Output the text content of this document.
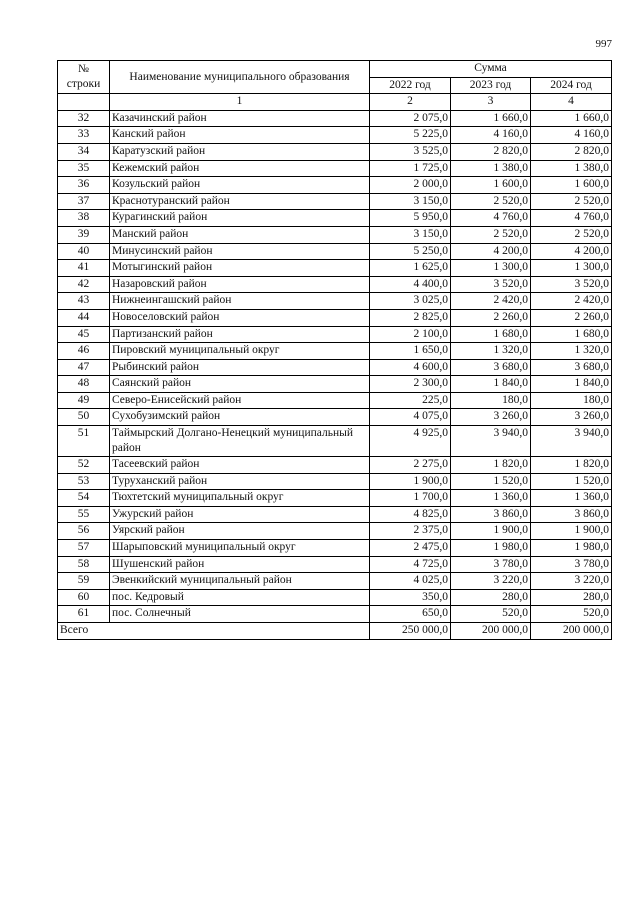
997
№ строки	Наименование муниципального образования	Сумма		
		2022 год	2023 год	2024 год
	1	2	3	4
32	Казачинский район	2 075,0	1 660,0	1 660,0
33	Канский район	5 225,0	4 160,0	4 160,0
34	Каратузский район	3 525,0	2 820,0	2 820,0
35	Кежемский район	1 725,0	1 380,0	1 380,0
36	Козульский район	2 000,0	1 600,0	1 600,0
37	Краснотуранский район	3 150,0	2 520,0	2 520,0
38	Курагинский район	5 950,0	4 760,0	4 760,0
39	Манский район	3 150,0	2 520,0	2 520,0
40	Минусинский район	5 250,0	4 200,0	4 200,0
41	Мотыгинский район	1 625,0	1 300,0	1 300,0
42	Назаровский район	4 400,0	3 520,0	3 520,0
43	Нижнеингашский район	3 025,0	2 420,0	2 420,0
44	Новоселовский район	2 825,0	2 260,0	2 260,0
45	Партизанский район	2 100,0	1 680,0	1 680,0
46	Пировский муниципальный округ	1 650,0	1 320,0	1 320,0
47	Рыбинский район	4 600,0	3 680,0	3 680,0
48	Саянский район	2 300,0	1 840,0	1 840,0
49	Северо-Енисейский район	225,0	180,0	180,0
50	Сухобузимский район	4 075,0	3 260,0	3 260,0
51	Таймырский Долгано-Ненецкий муниципальный район	4 925,0	3 940,0	3 940,0
52	Тасеевский район	2 275,0	1 820,0	1 820,0
53	Туруханский район	1 900,0	1 520,0	1 520,0
54	Тюхтетский муниципальный округ	1 700,0	1 360,0	1 360,0
55	Ужурский район	4 825,0	3 860,0	3 860,0
56	Уярский район	2 375,0	1 900,0	1 900,0
57	Шарыповский муниципальный округ	2 475,0	1 980,0	1 980,0
58	Шушенский район	4 725,0	3 780,0	3 780,0
59	Эвенкийский муниципальный район	4 025,0	3 220,0	3 220,0
60	пос. Кедровый	350,0	280,0	280,0
61	пос. Солнечный	650,0	520,0	520,0
Всего		250 000,0	200 000,0	200 000,0
